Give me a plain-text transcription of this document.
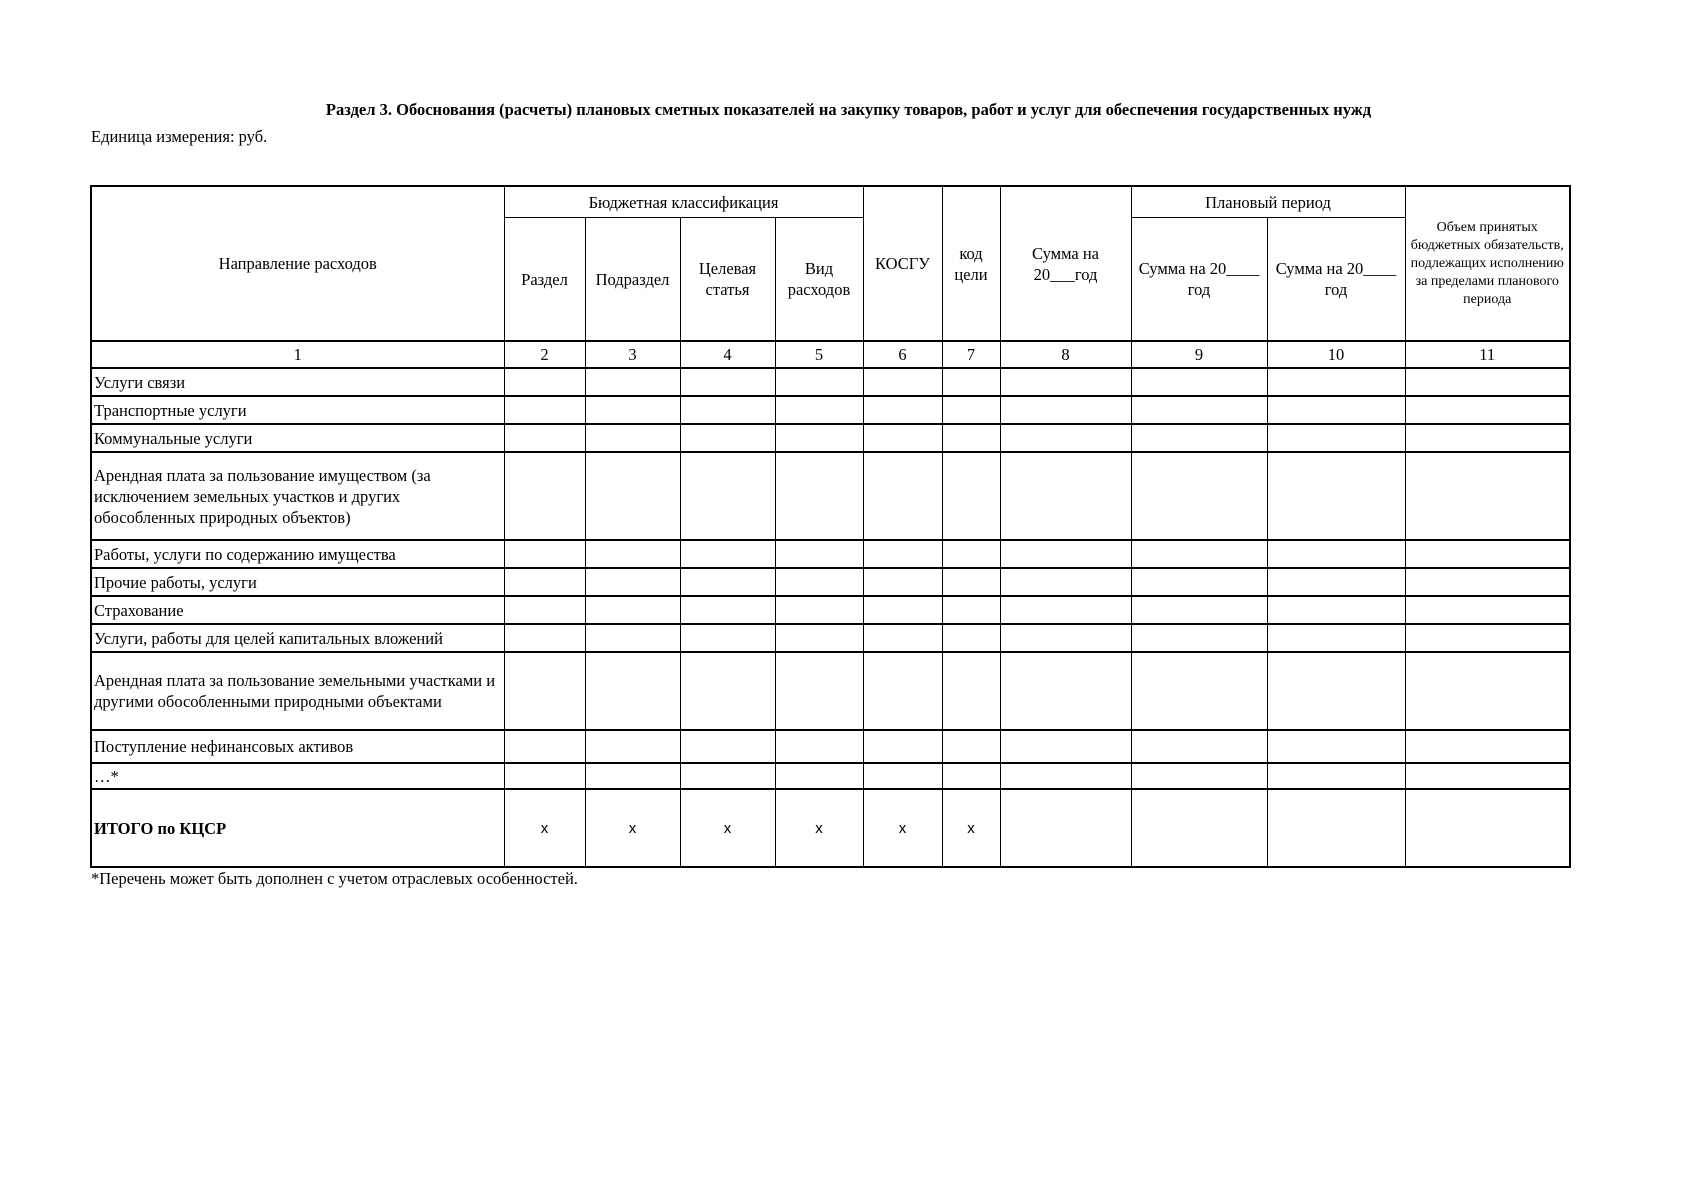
Раздел 3. Обоснования (расчеты) плановых сметных показателей на закупку товаров, работ и услуг для обеспечения государственных нужд

Единица измерения: руб.

Направление расходов	Бюджетная классификация				КОСГУ	код цели	Сумма на 20___год	Плановый период		Объем принятых бюджетных обязательств, подлежащих исполнению за пределами планового периода
	Раздел	Подраздел	Целевая статья	Вид расходов				Сумма на 20____ год	Сумма на 20____ год	
1	2	3	4	5	6	7	8	9	10	11
Услуги связи										
Транспортные услуги										
Коммунальные услуги										
Арендная плата за пользование имуществом (за исключением земельных участков и других обособленных природных объектов)										
Работы, услуги по содержанию имущества										
Прочие работы, услуги										
Страхование										
Услуги, работы для целей капитальных вложений										
Арендная плата за пользование земельными участками и другими обособленными природными объектами										
Поступление нефинансовых активов										
…*										
ИТОГО по КЦСР	x	x	x	x	x	x				

*Перечень может быть дополнен с учетом отраслевых особенностей.
